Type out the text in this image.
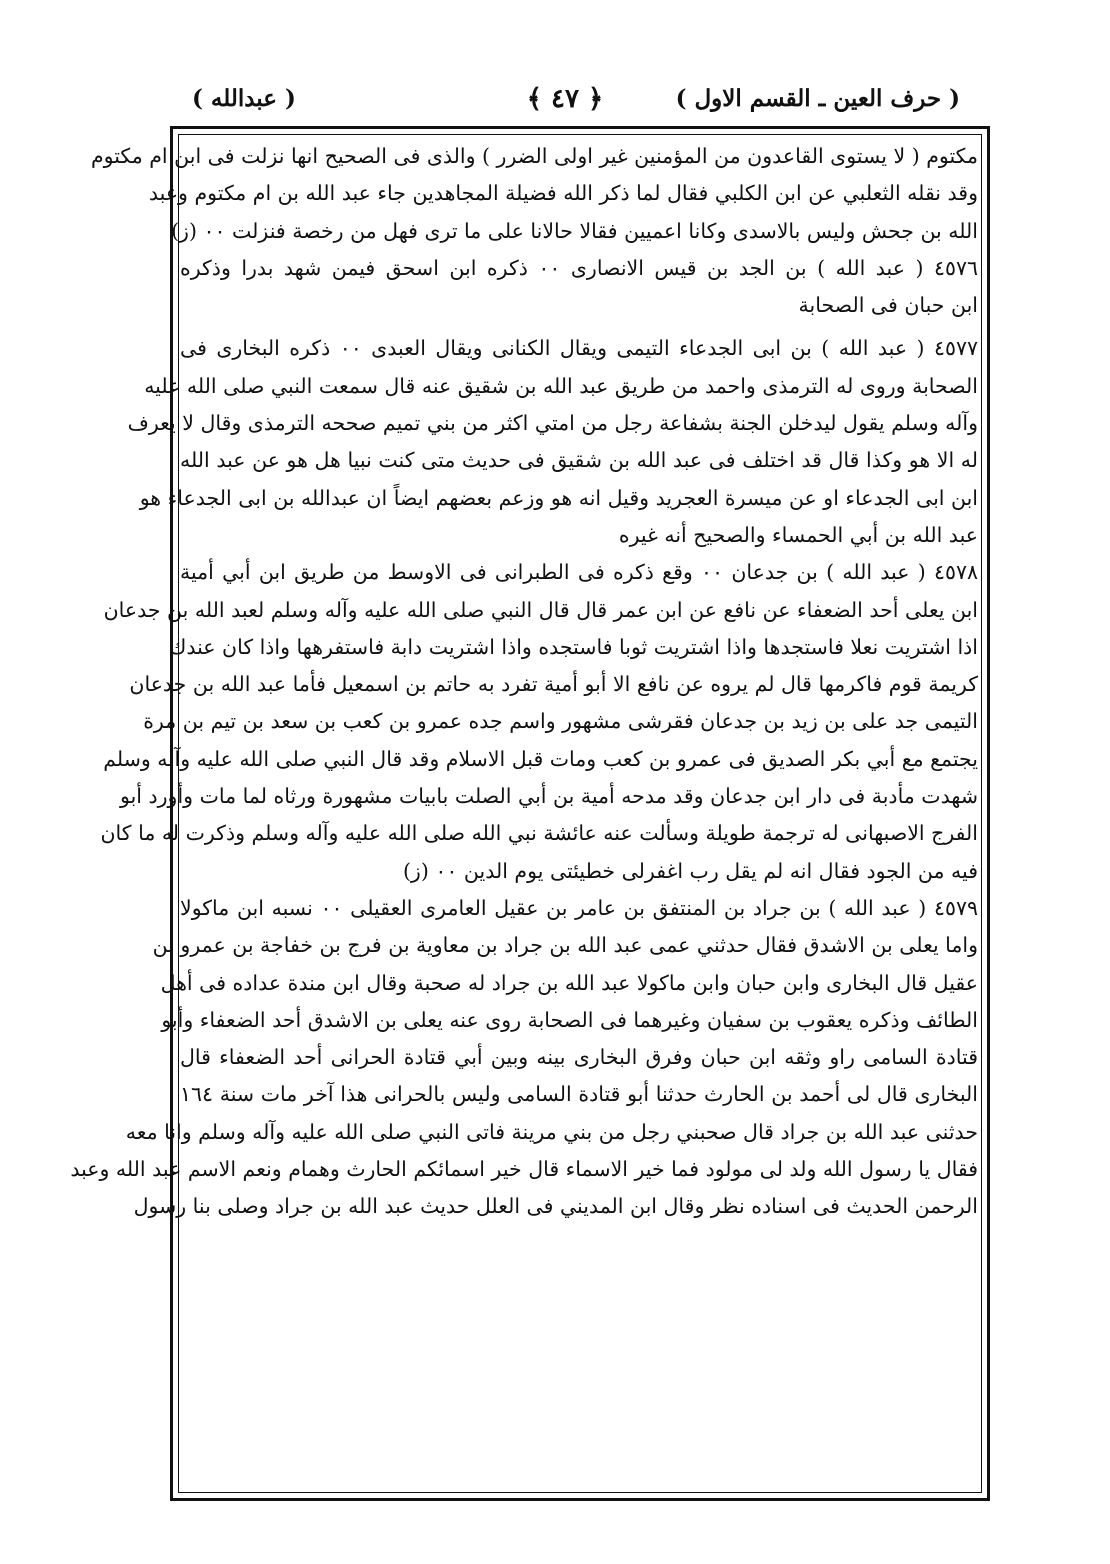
( حرف العين ـ القسم الاول )
﴿ ٤٧ ﴾
( عبدالله )
مكتوم ( لا يستوى القاعدون من المؤمنين غير اولى الضرر ) والذى فى الصحيح انها نزلت فى ابن ام مكتوم
وقد نقله الثعلبي عن ابن الكلبي فقال لما ذكر الله فضيلة المجاهدين جاء عبد الله بن ام مكتوم وعبد
الله بن جحش وليس بالاسدى وكانا اعميين فقالا حالانا على ما ترى فهل من رخصة فنزلت ٠٠ (ز)
٤٥٧٦ ( عبد الله ) بن الجد بن قيس الانصارى ٠٠ ذكره ابن اسحق فيمن شهد بدرا وذكره
ابن حبان فى الصحابة
٤٥٧٧ ( عبد الله ) بن ابى الجدعاء التيمى ويقال الكنانى ويقال العبدى ٠٠ ذكره البخارى فى
الصحابة وروى له الترمذى واحمد من طريق عبد الله بن شقيق عنه قال سمعت النبي صلى الله عليه
وآله وسلم يقول ليدخلن الجنة بشفاعة رجل من امتي اكثر من بني تميم صححه الترمذى وقال لا يعرف
له الا هو وكذا قال قد اختلف فى عبد الله بن شقيق فى حديث متى كنت نبيا هل هو عن عبد الله
ابن ابى الجدعاء او عن ميسرة العجريد وقيل انه هو وزعم بعضهم ايضاً ان عبدالله بن ابى الجدعاء هو
عبد الله بن أبي الحمساء والصحيح أنه غيره
٤٥٧٨ ( عبد الله ) بن جدعان ٠٠ وقع ذكره فى الطبرانى فى الاوسط من طريق ابن أبي أمية
ابن يعلى أحد الضعفاء عن نافع عن ابن عمر قال قال النبي صلى الله عليه وآله وسلم لعبد الله بن جدعان
اذا اشتريت نعلا فاستجدها واذا اشتريت ثوبا فاستجده واذا اشتريت دابة فاستفرهها واذا كان عندك
كريمة قوم فاكرمها قال لم يروه عن نافع الا أبو أمية تفرد به حاتم بن اسمعيل فأما عبد الله بن جدعان
التيمى جد على بن زيد بن جدعان فقرشى مشهور واسم جده عمرو بن كعب بن سعد بن تيم بن مرة
يجتمع مع أبي بكر الصديق فى عمرو بن كعب ومات قبل الاسلام وقد قال النبي صلى الله عليه وآله وسلم
شهدت مأدبة فى دار ابن جدعان وقد مدحه أمية بن أبي الصلت بابيات مشهورة ورثاه لما مات وأورد أبو
الفرج الاصبهانى له ترجمة طويلة وسألت عنه عائشة نبي الله صلى الله عليه وآله وسلم وذكرت له ما كان
فيه من الجود فقال انه لم يقل رب اغفرلى خطيئتى يوم الدين ٠٠ (ز)
٤٥٧٩ ( عبد الله ) بن جراد بن المنتفق بن عامر بن عقيل العامرى العقيلى ٠٠ نسبه ابن ماكولا
واما يعلى بن الاشدق فقال حدثني عمى عبد الله بن جراد بن معاوية بن فرج بن خفاجة بن عمرو بن
عقيل قال البخارى وابن حبان وابن ماكولا عبد الله بن جراد له صحبة وقال ابن مندة عداده فى أهل
الطائف وذكره يعقوب بن سفيان وغيرهما فى الصحابة روى عنه يعلى بن الاشدق أحد الضعفاء وأبو
قتادة السامى راو وثقه ابن حبان وفرق البخارى بينه وبين أبي قتادة الحرانى أحد الضعفاء قال
البخارى قال لى أحمد بن الحارث حدثنا أبو قتادة السامى وليس بالحرانى هذا آخر مات سنة ١٦٤
حدثنى عبد الله بن جراد قال صحبني رجل من بني مرينة فاتى النبي صلى الله عليه وآله وسلم وانا معه
فقال يا رسول الله ولد لى مولود فما خير الاسماء قال خير اسمائكم الحارث وهمام ونعم الاسم عبد الله وعبد
الرحمن الحديث فى اسناده نظر وقال ابن المديني فى العلل حديث عبد الله بن جراد وصلى بنا رسول
